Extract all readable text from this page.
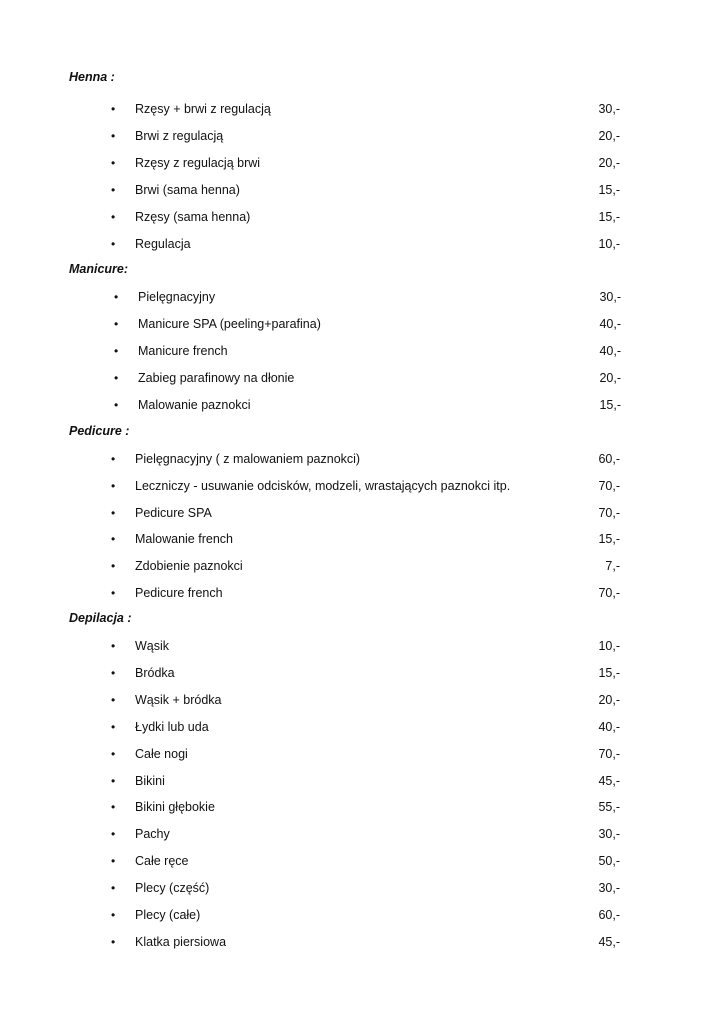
Henna :
• Rzęsy + brwi z regulacją	30,-
• Brwi z regulacją	20,-
• Rzęsy z regulacją brwi	20,-
• Brwi (sama henna)	15,-
• Rzęsy (sama henna)	15,-
• Regulacja	10,-
Manicure:
• Pielęgnacyjny	30,-
• Manicure SPA (peeling+parafina)	40,-
• Manicure french	40,-
• Zabieg parafinowy na dłonie	20,-
• Malowanie paznokci	15,-
Pedicure :
• Pielęgnacyjny ( z malowaniem paznokci)	60,-
• Leczniczy - usuwanie odcisków, modzeli, wrastających paznokci itp.	70,-
• Pedicure SPA	70,-
• Malowanie french	15,-
• Zdobienie paznokci	7,-
• Pedicure french	70,-
Depilacja :
• Wąsik	10,-
• Bródka	15,-
• Wąsik + bródka	20,-
• Łydki lub uda	40,-
• Całe nogi	70,-
• Bikini	45,-
• Bikini głębokie	55,-
• Pachy	30,-
• Całe ręce	50,-
• Plecy (część)	30,-
• Plecy (całe)	60,-
• Klatka piersiowa	45,-
